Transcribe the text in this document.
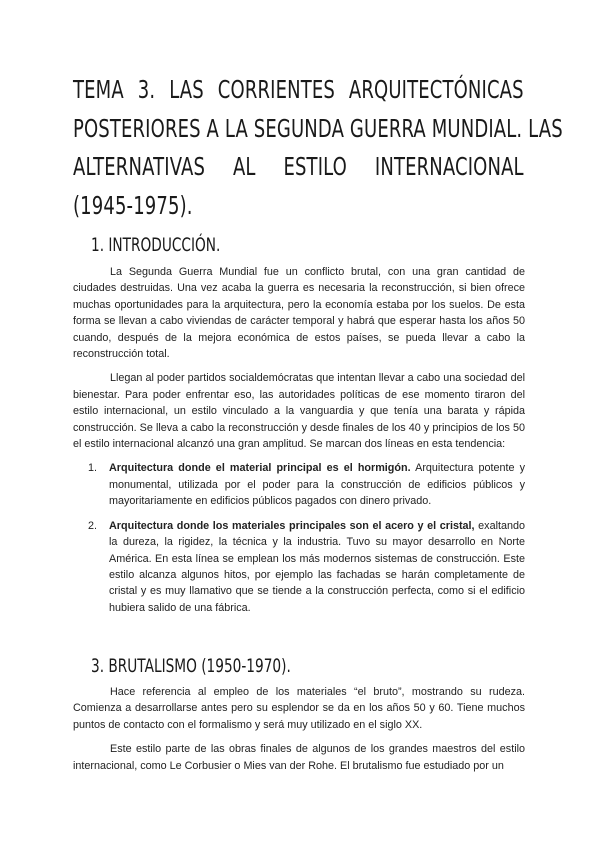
TEMA 3. LAS CORRIENTES ARQUITECTÓNICAS
POSTERIORES A LA SEGUNDA GUERRA MUNDIAL. LAS
ALTERNATIVAS AL ESTILO INTERNACIONAL
(1945-1975).
1. INTRODUCCIÓN.

La Segunda Guerra Mundial fue un conflicto brutal, con una gran cantidad de ciudades destruidas. Una vez acaba la guerra es necesaria la reconstrucción, si bien ofrece muchas oportunidades para la arquitectura, pero la economía estaba por los suelos. De esta forma se llevan a cabo viviendas de carácter temporal y habrá que esperar hasta los años 50 cuando, después de la mejora económica de estos países, se pueda llevar a cabo la reconstrucción total.

Llegan al poder partidos socialdemócratas que intentan llevar a cabo una sociedad del bienestar. Para poder enfrentar eso, las autoridades políticas de ese momento tiraron del estilo internacional, un estilo vinculado a la vanguardia y que tenía una barata y rápida construcción. Se lleva a cabo la reconstrucción y desde finales de los 40 y principios de los 50 el estilo internacional alcanzó una gran amplitud. Se marcan dos líneas en esta tendencia:

1. Arquitectura donde el material principal es el hormigón. Arquitectura potente y monumental, utilizada por el poder para la construcción de edificios públicos y mayoritariamente en edificios públicos pagados con dinero privado.
2. Arquitectura donde los materiales principales son el acero y el cristal, exaltando la dureza, la rigidez, la técnica y la industria. Tuvo su mayor desarrollo en Norte América. En esta línea se emplean los más modernos sistemas de construcción. Este estilo alcanza algunos hitos, por ejemplo las fachadas se harán completamente de cristal y es muy llamativo que se tiende a la construcción perfecta, como si el edificio hubiera salido de una fábrica.
3. BRUTALISMO (1950-1970).

Hace referencia al empleo de los materiales “el bruto”, mostrando su rudeza. Comienza a desarrollarse antes pero su esplendor se da en los años 50 y 60. Tiene muchos puntos de contacto con el formalismo y será muy utilizado en el siglo XX.

Este estilo parte de las obras finales de algunos de los grandes maestros del estilo internacional, como Le Corbusier o Mies van der Rohe. El brutalismo fue estudiado por un
